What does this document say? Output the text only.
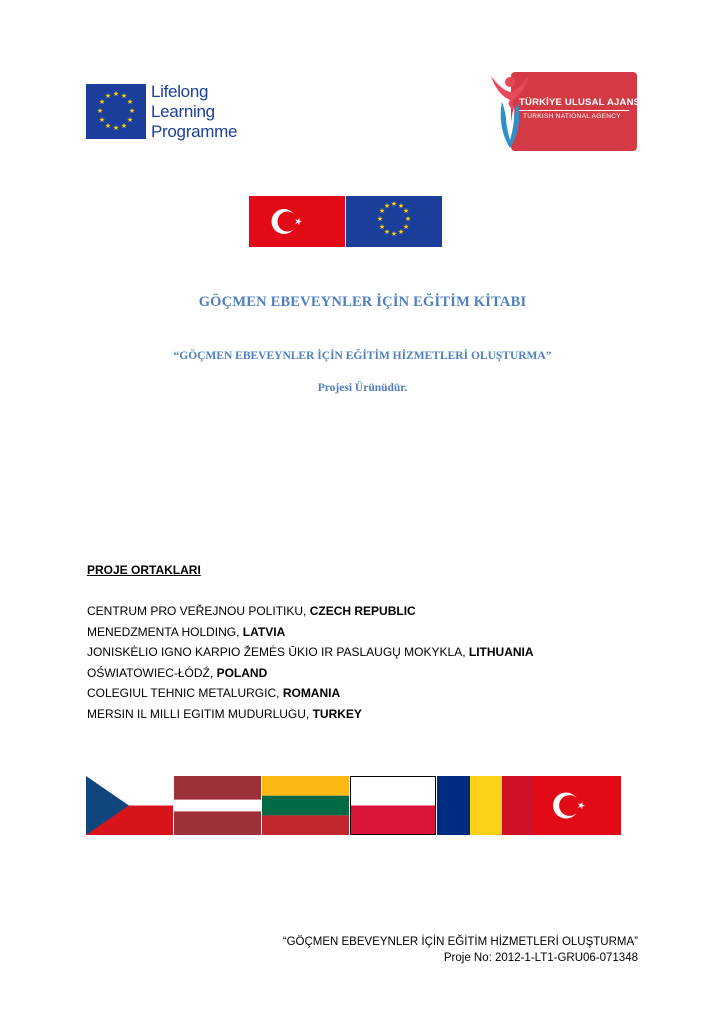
★ ★
★
★
★
★
★
★
★
★
★
★ Lifelong
Learning
Programme
TÜRKİYE ULUSAL AJANSI
TURKISH NATIONAL AGENCY
★ ★
★
★
★
★
★
★
★
★
★
★
GÖÇMEN EBEVEYNLER İÇİN EĞİTİM KİTABI
“GÖÇMEN EBEVEYNLER İÇİN EĞİTİM HİZMETLERİ OLUŞTURMA”
Projesi Ürünüdür.
PROJE ORTAKLARI
CENTRUM PRO VEŘEJNOU POLITIKU, CZECH REPUBLIC
MENEDZMENTA HOLDING, LATVIA
JONISKĖLIO IGNO KARPIO ŽEMĖS ŪKIO IR PASLAUGŲ MOKYKLA, LITHUANIA
OŚWIATOWIEC-ŁÓDŹ, POLAND
COLEGIUL TEHNIC METALURGIC, ROMANIA
MERSIN IL MILLI EGITIM MUDURLUGU, TURKEY
“GÖÇMEN EBEVEYNLER İÇİN EĞİTİM HİZMETLERİ OLUŞTURMA”
Proje No: 2012-1-LT1-GRU06-071348
